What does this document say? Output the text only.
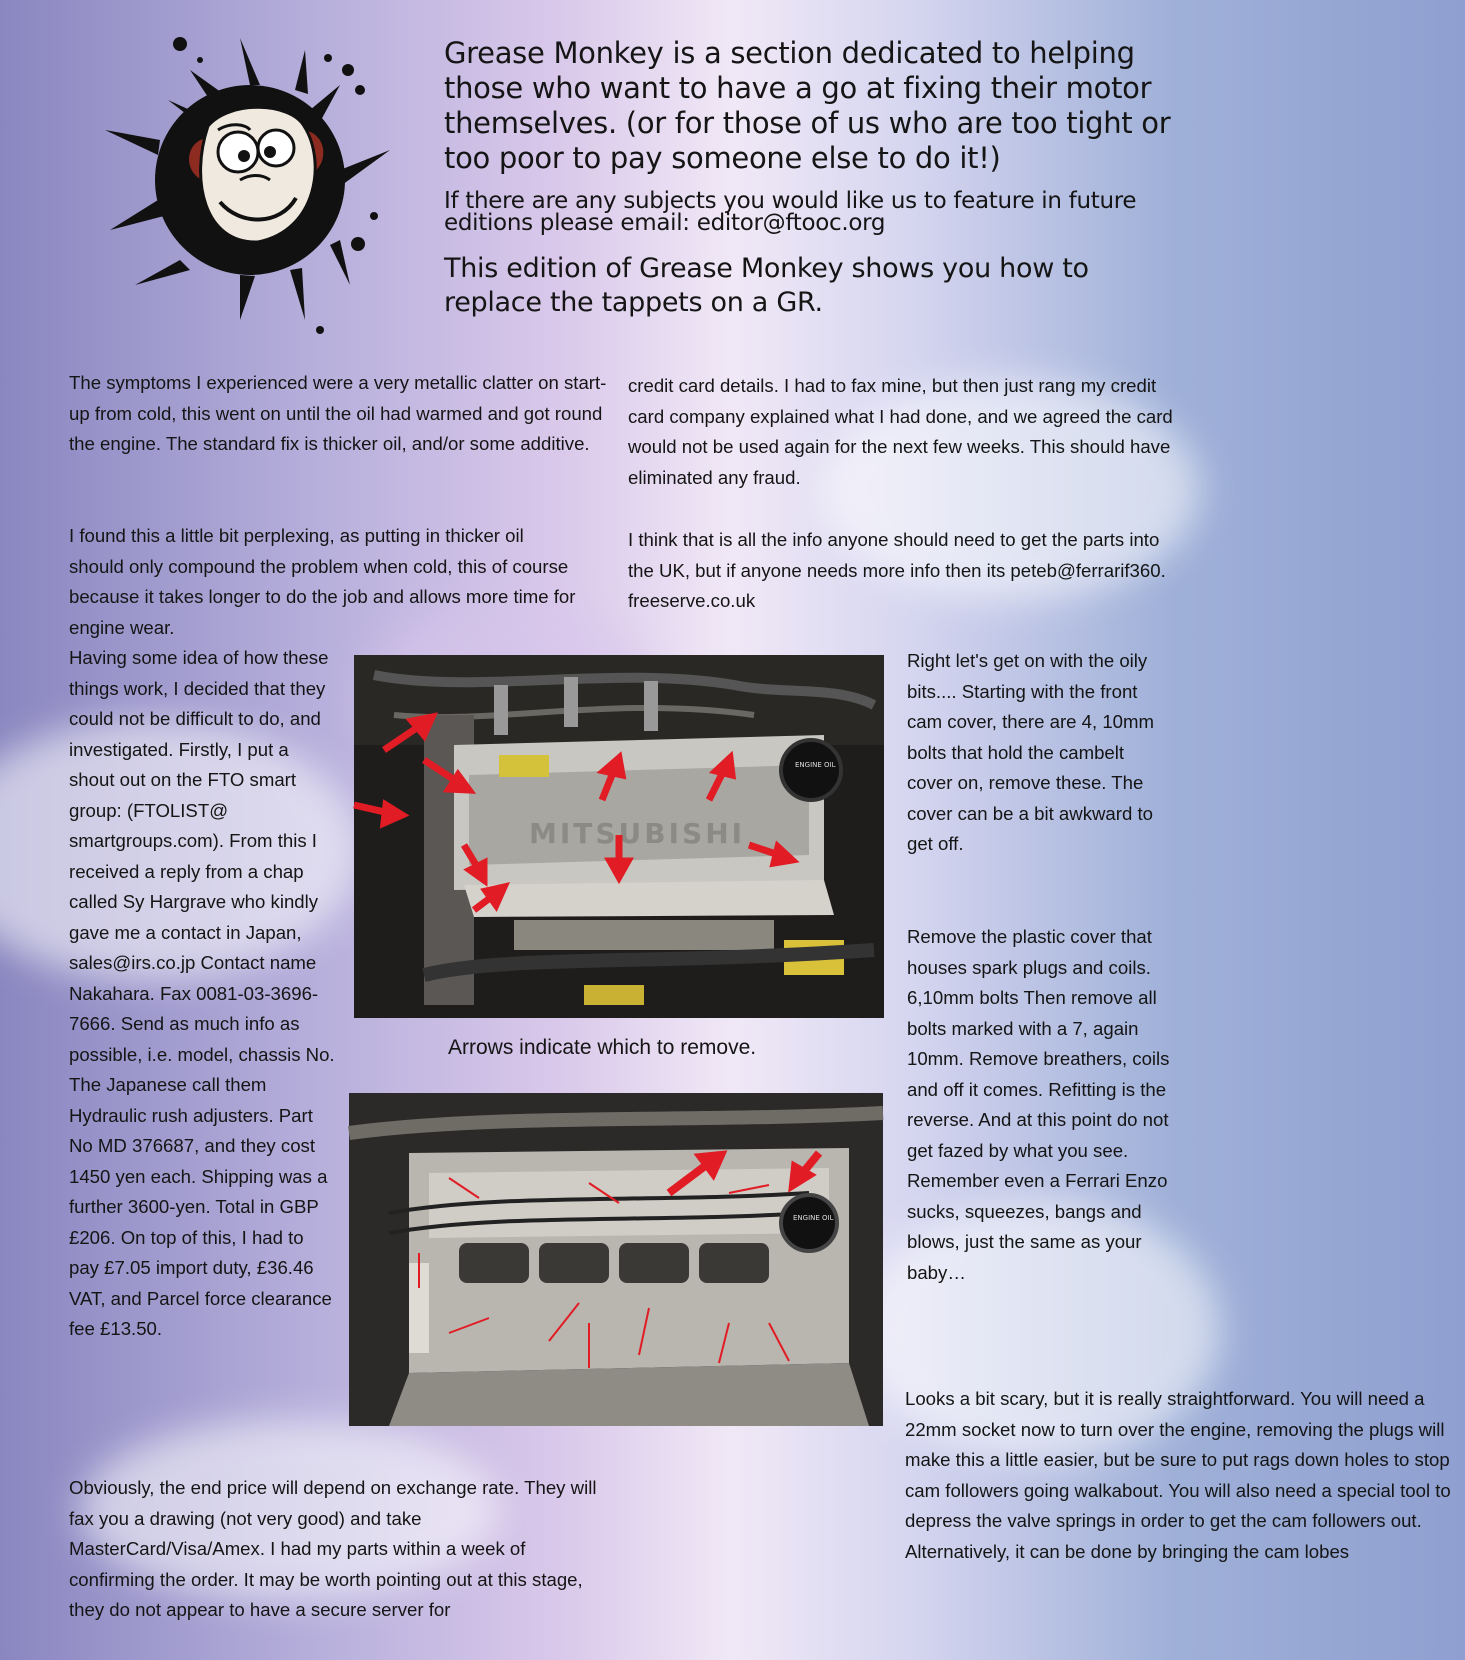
Grease Monkey is a section dedicated to helping those who want to have a go at fixing their motor themselves. (or for those of us who are too tight or too poor to pay someone else to do it!)

If there are any subjects you would like us to feature in future editions please email: editor@ftooc.org

This edition of Grease Monkey shows you how to replace the tappets on a GR.

The symptoms I experienced were a very metallic clatter on start-up from cold, this went on until the oil had warmed and got round the engine. The standard fix is thicker oil, and/or some additive.

I found this a little bit perplexing, as putting in thicker oil should only compound the problem when cold, this of course because it takes longer to do the job and allows more time for engine wear.

Having some idea of how these things work, I decided that they could not be difficult to do, and investigated. Firstly, I put a shout out on the FTO smart group: (FTOLIST@ smartgroups.com). From this I received a reply from a chap called Sy Hargrave who kindly gave me a contact in Japan, sales@irs.co.jp Contact name Nakahara. Fax 0081-03-3696-7666. Send as much info as possible, i.e. model, chassis No. The Japanese call them Hydraulic rush adjusters. Part No MD 376687, and they cost 1450 yen each. Shipping was a further 3600-yen. Total in GBP £206. On top of this, I had to pay £7.05 import duty, £36.46 VAT, and Parcel force clearance fee £13.50.

Obviously, the end price will depend on exchange rate. They will fax you a drawing (not very good) and take MasterCard/Visa/Amex. I had my parts within a week of confirming the order. It may be worth pointing out at this stage, they do not appear to have a secure server for

credit card details. I had to fax mine, but then just rang my credit card company explained what I had done, and we agreed the card would not be used again for the next few weeks. This should have eliminated any fraud.

I think that is all the info anyone should need to get the parts into the UK, but if anyone needs more info then its peteb@ferrarif360. freeserve.co.uk

Right let's get on with the oily bits.... Starting with the front cam cover, there are 4, 10mm bolts that hold the cambelt cover on, remove these. The cover can be a bit awkward to get off.

Remove the plastic cover that houses spark plugs and coils. 6,10mm bolts Then remove all bolts marked with a 7, again 10mm. Remove breathers, coils and off it comes. Refitting is the reverse. And at this point do not get fazed by what you see. Remember even a Ferrari Enzo sucks, squeezes, bangs and blows, just the same as your baby…

Looks a bit scary, but it is really straightforward. You will need a 22mm socket now to turn over the engine, removing the plugs will make this a little easier, but be sure to put rags down holes to stop cam followers going walkabout. You will also need a special tool to depress the valve springs in order to get the cam followers out. Alternatively, it can be done by bringing the cam lobes

MITSUBISHI
ENGINE OIL
Arrows indicate which to remove.
ENGINE OIL
